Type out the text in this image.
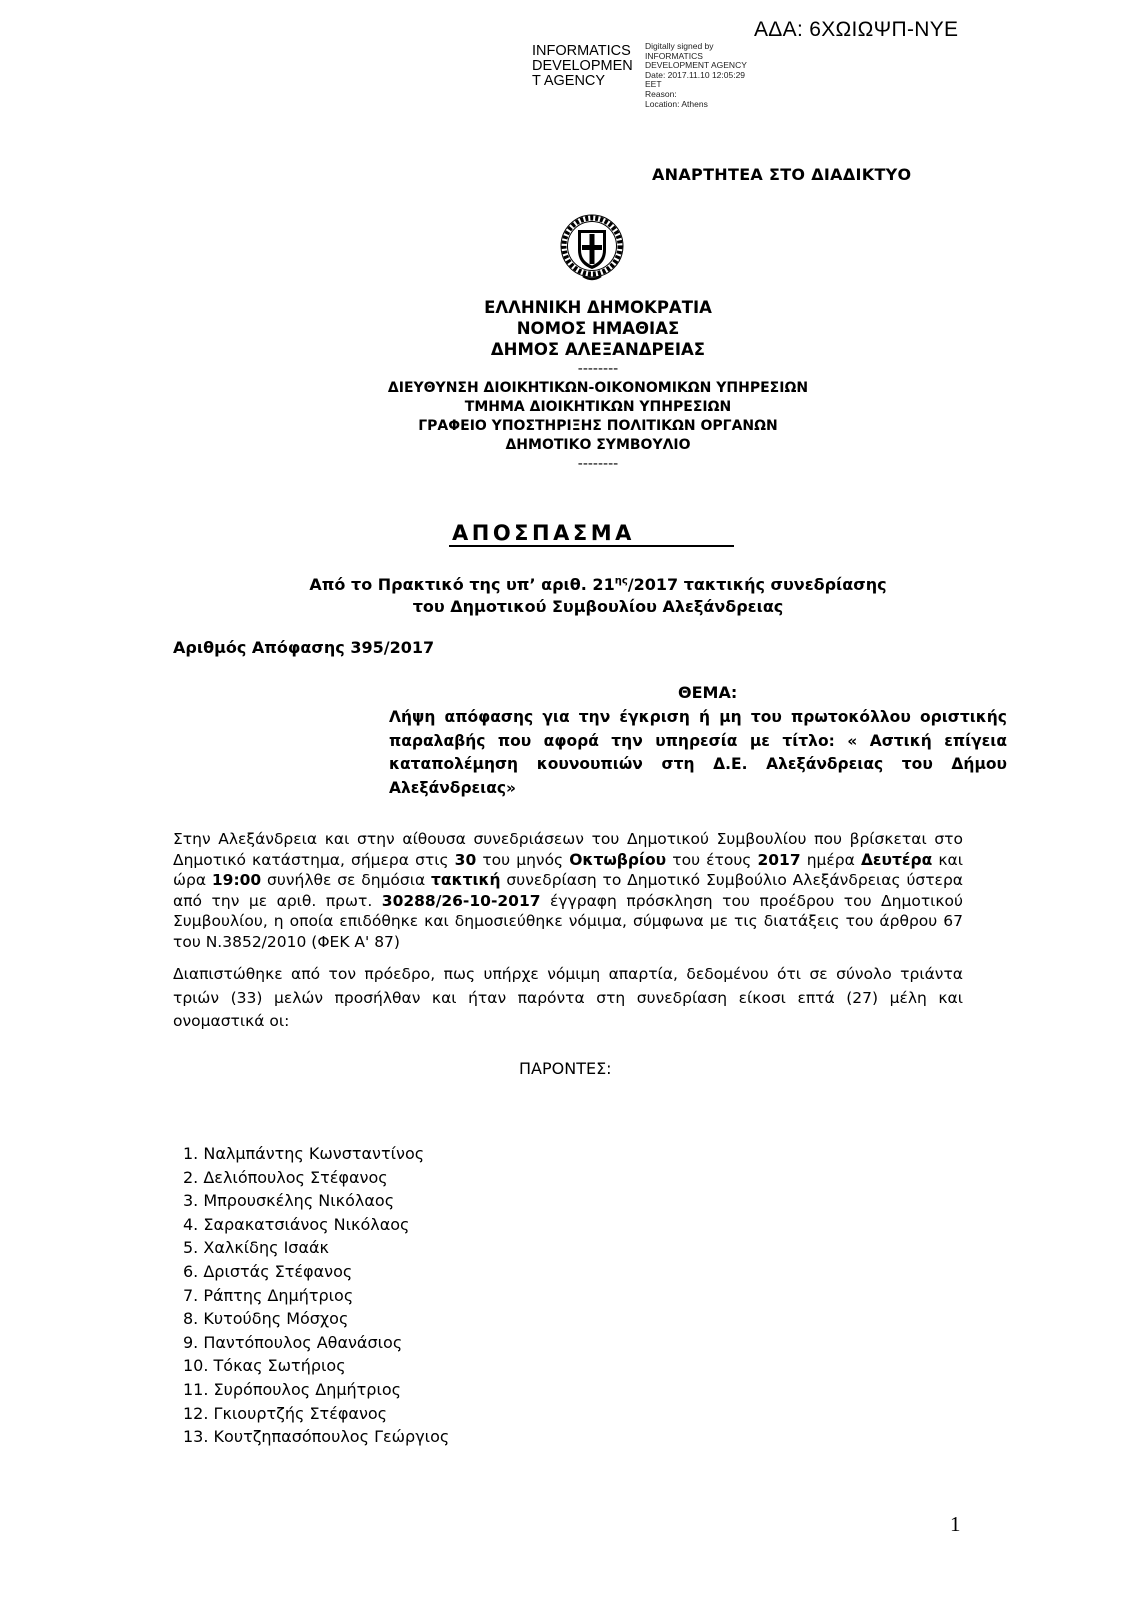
ΑΔΑ: 6ΧΩΙΩΨΠ-ΝΥΕ
INFORMATICS
DEVELOPMEN
T AGENCY
Digitally signed by
INFORMATICS
DEVELOPMENT AGENCY
Date: 2017.11.10 12:05:29
EET
Reason:
Location: Athens
ΑΝΑΡΤΗΤΕΑ ΣΤΟ ΔΙΑΔΙΚΤΥΟ
ΕΛΛΗΝΙΚΗ ΔΗΜΟΚΡΑΤΙΑ
ΝΟΜΟΣ ΗΜΑΘΙΑΣ
ΔΗΜΟΣ ΑΛΕΞΑΝΔΡΕΙΑΣ
--------
ΔΙΕΥΘΥΝΣΗ ΔΙΟΙΚΗΤΙΚΩΝ-ΟΙΚΟΝΟΜΙΚΩΝ ΥΠΗΡΕΣΙΩΝ
ΤΜΗΜΑ ΔΙΟΙΚΗΤΙΚΩΝ ΥΠΗΡΕΣΙΩΝ
ΓΡΑΦΕΙΟ ΥΠΟΣΤΗΡΙΞΗΣ ΠΟΛΙΤΙΚΩΝ ΟΡΓΑΝΩΝ
ΔΗΜΟΤΙΚΟ ΣΥΜΒΟΥΛΙΟ
--------
ΑΠΟΣΠΑΣΜΑ
Από το Πρακτικό της υπ’ αριθ. $21^{\eta\varsigma}/2017$ τακτικής συνεδρίασης
του Δημοτικού Συμβουλίου Αλεξάνδρειας
Αριθμός Απόφασης 395/2017
ΘΕΜΑ:
Λήψη απόφασης για την έγκριση ή μη του πρωτοκόλλου οριστικής παραλαβής που αφορά την υπηρεσία με τίτλο: « Αστική επίγεια καταπολέμηση κουνουπιών στη Δ.Ε. Αλεξάνδρειας του Δήμου Αλεξάνδρειας»
Στην Αλεξάνδρεια και στην αίθουσα συνεδριάσεων του Δημοτικού Συμβουλίου που βρίσκεται στο Δημοτικό κατάστημα, σήμερα στις 30 του μηνός Οκτωβρίου του έτους 2017 ημέρα Δευτέρα και ώρα 19:00 συνήλθε σε δημόσια τακτική συνεδρίαση το Δημοτικό Συμβούλιο Αλεξάνδρειας ύστερα από την με αριθ. πρωτ. 30288/26-10-2017 έγγραφη πρόσκληση του προέδρου του Δημοτικού Συμβουλίου, η οποία επιδόθηκε και δημοσιεύθηκε νόμιμα, σύμφωνα με τις διατάξεις του άρθρου 67 του Ν.3852/2010 (ΦΕΚ Α' 87)
Διαπιστώθηκε από τον πρόεδρο, πως υπήρχε νόμιμη απαρτία, δεδομένου ότι σε σύνολο τριάντα τριών (33) μελών προσήλθαν και ήταν παρόντα στη συνεδρίαση είκοσι επτά (27) μέλη και ονομαστικά οι:
ΠΑΡΟΝΤΕΣ:
1. Ναλμπάντης Κωνσταντίνος
2. Δελιόπουλος Στέφανος
3. Μπρουσκέλης Νικόλαος
4. Σαρακατσιάνος Νικόλαος
5. Χαλκίδης Ισαάκ
6. Δριστάς Στέφανος
7. Ράπτης Δημήτριος
8. Κυτούδης Μόσχος
9. Παντόπουλος Αθανάσιος
10. Τόκας Σωτήριος
11. Συρόπουλος Δημήτριος
12. Γκιουρτζής Στέφανος
13. Κουτζηπασόπουλος Γεώργιος
1
